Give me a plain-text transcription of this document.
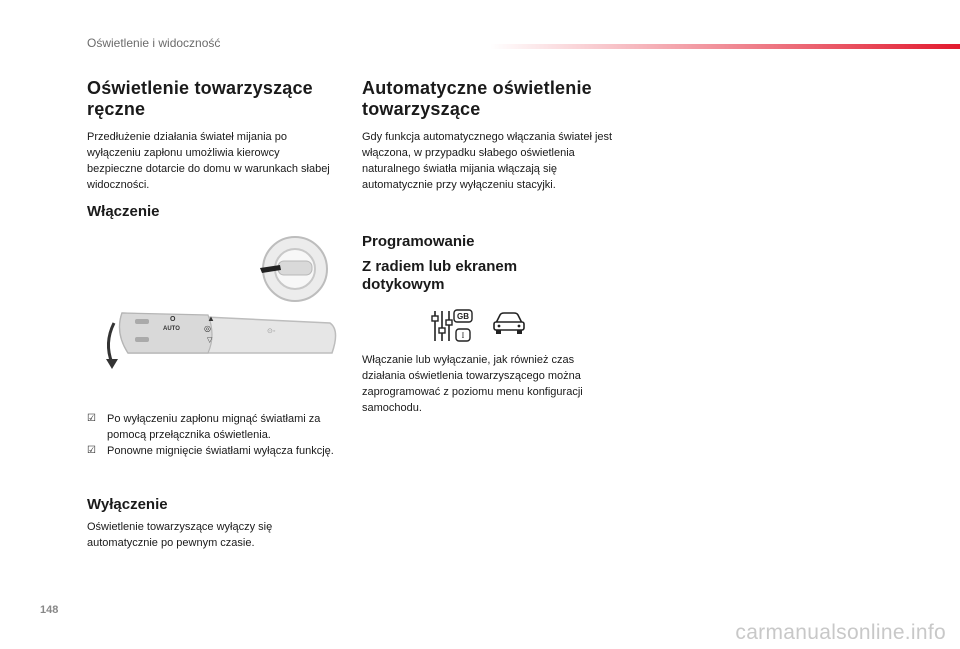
Oświetlenie i widoczność
Oświetlenie towarzyszące ręczne

Przedłużenie działania świateł mijania po wyłączeniu zapłonu umożliwia kierowcy bezpieczne dotarcie do domu w warunkach słabej widoczności.

Włączenie
O
AUTO
▲
◎
▽
⊙◦
☑ Po wyłączeniu zapłonu mignąć światłami za pomocą przełącznika oświetlenia.
☑ Ponowne mignięcie światłami wyłącza funkcję.
Wyłączenie

Oświetlenie towarzyszące wyłączy się automatycznie po pewnym czasie.

Automatyczne oświetlenie towarzyszące

Gdy funkcja automatycznego włączania świateł jest włączona, w przypadku słabego oświetlenia naturalnego światła mijania włączają się automatycznie przy wyłączeniu stacyjki.

Programowanie
Z radiem lub ekranem dotykowym
GB
I

Włączanie lub wyłączanie, jak również czas działania oświetlenia towarzyszącego można zaprogramować z poziomu menu konfiguracji samochodu.

148
carmanualsonline.info
